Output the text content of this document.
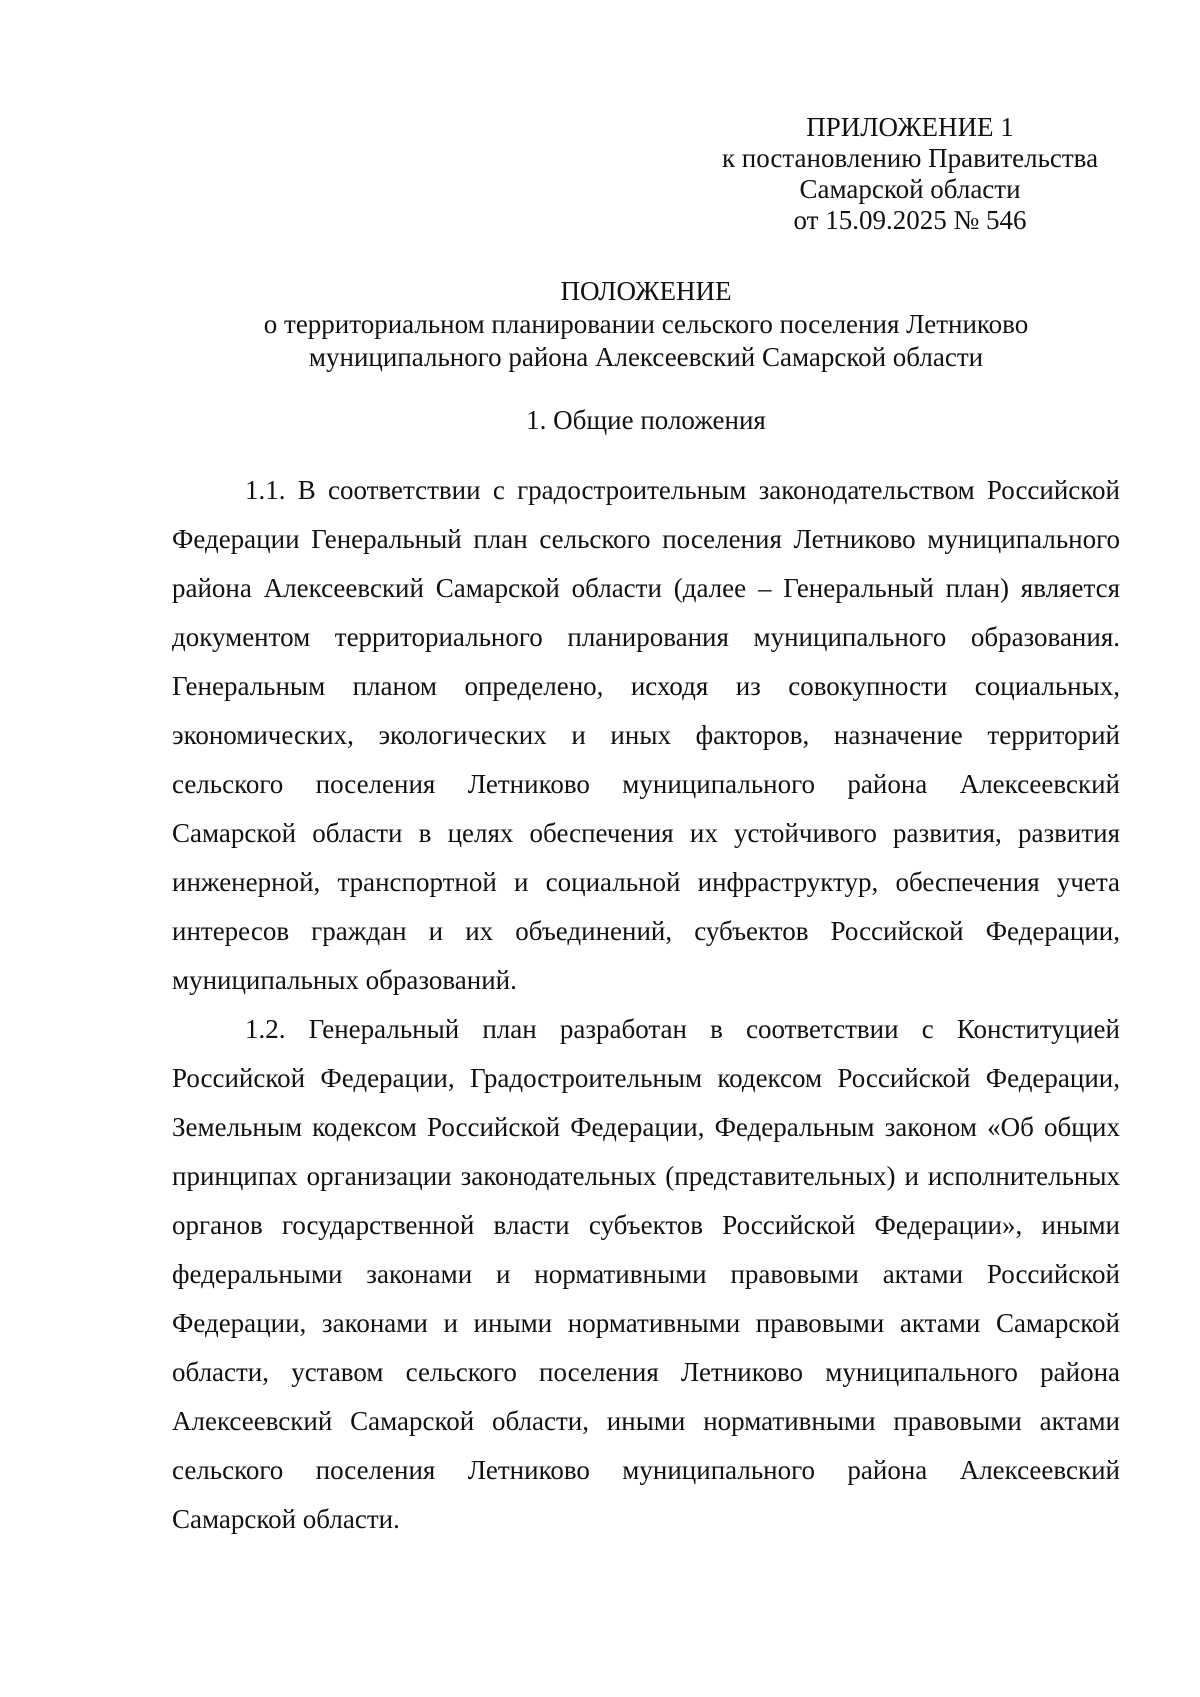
ПРИЛОЖЕНИЕ 1
к постановлению Правительства
Самарской области
от 15.09.2025 № 546
ПОЛОЖЕНИЕ
о территориальном планировании сельского поселения Летниково
муниципального района Алексеевский Самарской области
1. Общие положения

1.1. В соответствии с градостроительным законодательством Российской Федерации Генеральный план сельского поселения Летниково муниципального района Алексеевский Самарской области (далее – Генеральный план) является документом территориального планирования муниципального образования. Генеральным планом определено, исходя из совокупности социальных, экономических, экологических и иных факторов, назначение территорий сельского поселения Летниково муниципального района Алексеевский Самарской области в целях обеспечения их устойчивого развития, развития инженерной, транспортной и социальной инфраструктур, обеспечения учета интересов граждан и их объединений, субъектов Российской Федерации, муниципальных образований.

1.2. Генеральный план разработан в соответствии с Конституцией Российской Федерации, Градостроительным кодексом Российской Федерации, Земельным кодексом Российской Федерации, Федеральным законом «Об общих принципах организации законодательных (представительных) и исполнительных органов государственной власти субъектов Российской Федерации», иными федеральными законами и нормативными правовыми актами Российской Федерации, законами и иными нормативными правовыми актами Самарской области, уставом сельского поселения Летниково муниципального района Алексеевский Самарской области, иными нормативными правовыми актами сельского поселения Летниково муниципального района Алексеевский Самарской области.
